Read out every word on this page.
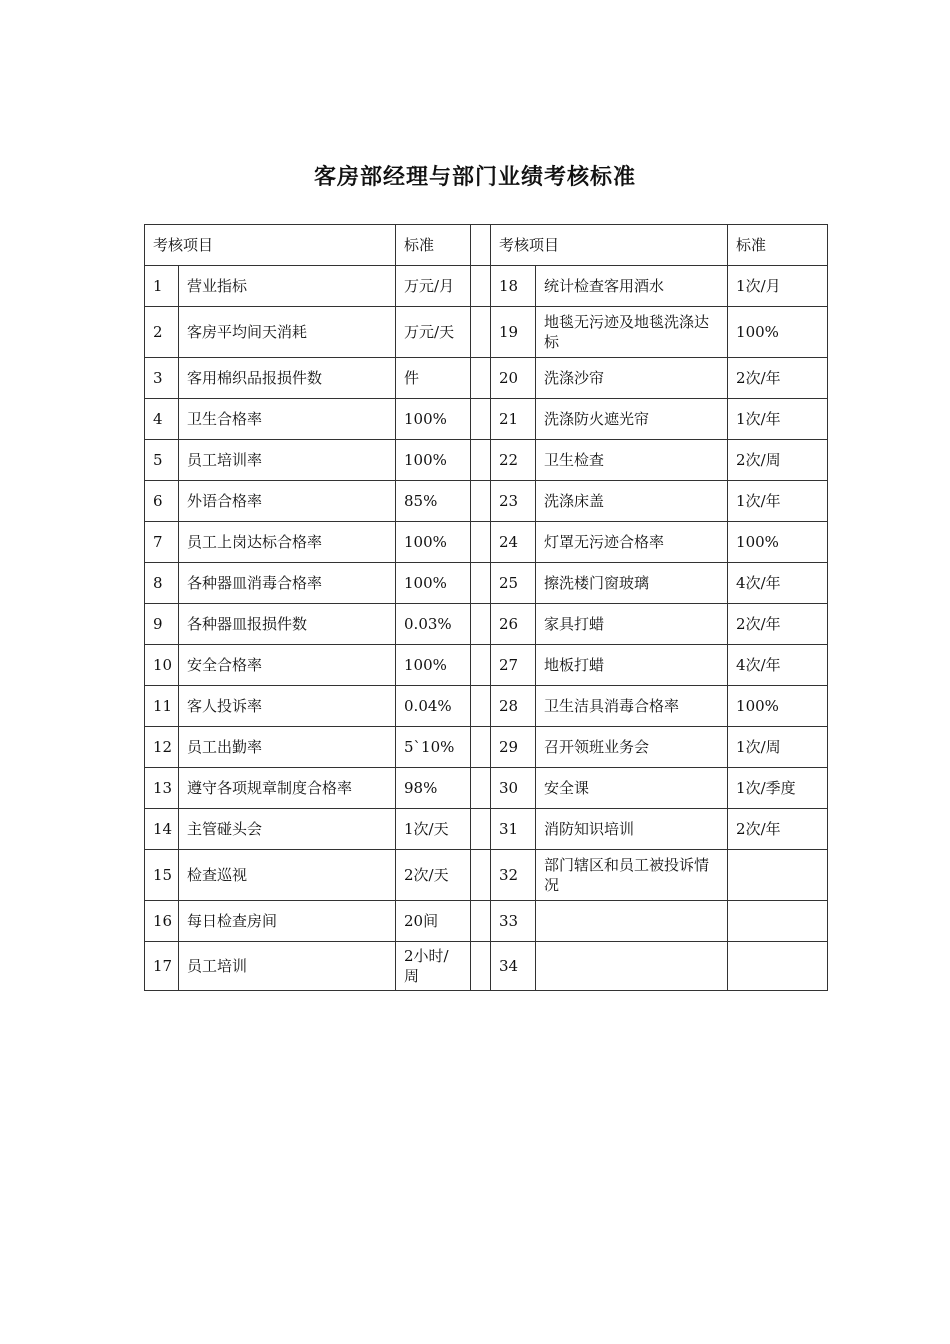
客房部经理与部门业绩考核标准
考核项目		标准		考核项目		标准
1	营业指标	万元/月		18	统计检查客用酒水	1次/月
2	客房平均间天消耗	万元/天		19	地毯无污迹及地毯洗涤达标	100%
3	客用棉织品报损件数	件		20	洗涤沙帘	2次/年
4	卫生合格率	100%		21	洗涤防火遮光帘	1次/年
5	员工培训率	100%		22	卫生检查	2次/周
6	外语合格率	85%		23	洗涤床盖	1次/年
7	员工上岗达标合格率	100%		24	灯罩无污迹合格率	100%
8	各种器皿消毒合格率	100%		25	擦洗楼门窗玻璃	4次/年
9	各种器皿报损件数	0.03%		26	家具打蜡	2次/年
10	安全合格率	100%		27	地板打蜡	4次/年
11	客人投诉率	0.04%		28	卫生洁具消毒合格率	100%
12	员工出勤率	5`10%		29	召开领班业务会	1次/周
13	遵守各项规章制度合格率	98%		30	安全课	1次/季度
14	主管碰头会	1次/天		31	消防知识培训	2次/年
15	检查巡视	2次/天		32	部门辖区和员工被投诉情况	
16	每日检查房间	20间		33		
17	员工培训	2小时/周		34		
